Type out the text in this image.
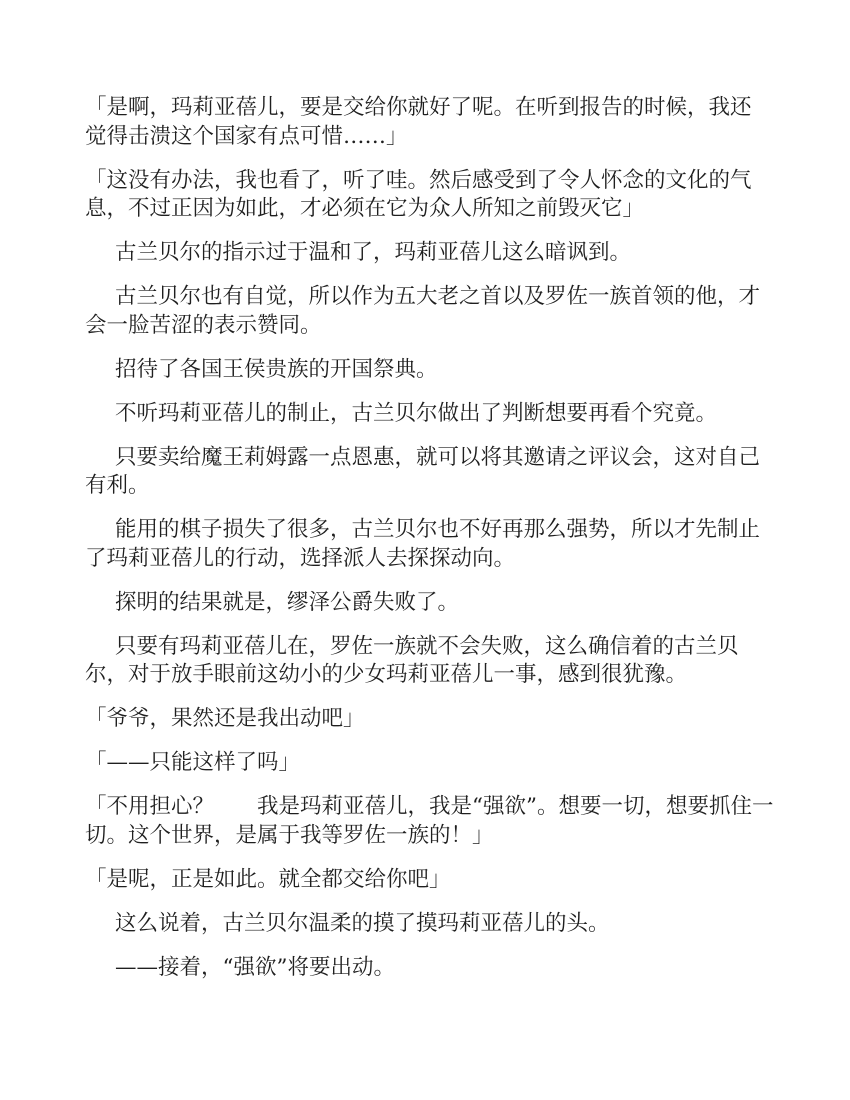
「是啊，玛莉亚蓓儿，要是交给你就好了呢。在听到报告的时候，我还
觉得击溃这个国家有点可惜……」

「这没有办法，我也看了，听了哇。然后感受到了令人怀念的文化的气
息，不过正因为如此，才必须在它为众人所知之前毁灭它」

古兰贝尔的指示过于温和了，玛莉亚蓓儿这么暗讽到。

古兰贝尔也有自觉，所以作为五大老之首以及罗佐一族首领的他，才
会一脸苦涩的表示赞同。

招待了各国王侯贵族的开国祭典。

不听玛莉亚蓓儿的制止，古兰贝尔做出了判断想要再看个究竟。

只要卖给魔王莉姆露一点恩惠，就可以将其邀请之评议会，这对自己
有利。

能用的棋子损失了很多，古兰贝尔也不好再那么强势，所以才先制止
了玛莉亚蓓儿的行动，选择派人去探探动向。

探明的结果就是，缪泽公爵失败了。

只要有玛莉亚蓓儿在，罗佐一族就不会失败，这么确信着的古兰贝
尔，对于放手眼前这幼小的少女玛莉亚蓓儿一事，感到很犹豫。

「爷爷，果然还是我出动吧」

「——只能这样了吗」

「不用担心？　　我是玛莉亚蓓儿，我是“强欲”。想要一切，想要抓住一
切。这个世界，是属于我等罗佐一族的！」

「是呢，正是如此。就全都交给你吧」

这么说着，古兰贝尔温柔的摸了摸玛莉亚蓓儿的头。

——接着，“强欲”将要出动。
